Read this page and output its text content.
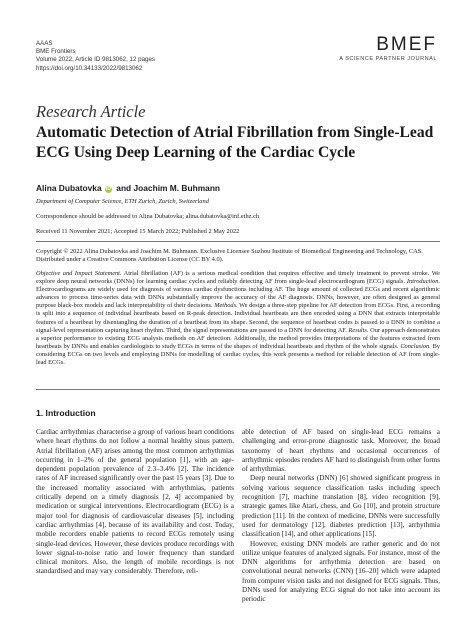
AAAS
BME Frontiers
Volume 2022, Article ID 9813062, 12 pages
https://doi.org/10.34133/2022/9813062
BMEF
A SCIENCE PARTNER JOURNAL
Research Article
Automatic Detection of Atrial Fibrillation from Single-Lead ECG Using Deep Learning of the Cardiac Cycle
Alina Dubatovka iD and Joachim M. Buhmann
Department of Computer Science, ETH Zurich, Zurich, Switzerland
Correspondence should be addressed to Alina Dubatovka; alina.dubatovka@inf.ethz.ch
Received 11 November 2021; Accepted 15 March 2022; Published 2 May 2022
Copyright © 2022 Alina Dubatovka and Joachim M. Buhmann. Exclusive Licensee Suzhou Institute of Biomedical Engineering and Technology, CAS. Distributed under a Creative Commons Attribution License (CC BY 4.0).
Objective and Impact Statement. Atrial fibrillation (AF) is a serious medical condition that requires effective and timely treatment to prevent stroke. We explore deep neural networks (DNNs) for learning cardiac cycles and reliably detecting AF from single-lead electrocardiogram (ECG) signals. Introduction. Electrocardiograms are widely used for diagnosis of various cardiac dysfunctions including AF. The huge amount of collected ECGs and recent algorithmic advances to process time-series data with DNNs substantially improve the accuracy of the AF diagnosis. DNNs, however, are often designed as general purpose black-box models and lack interpretability of their decisions. Methods. We design a three-step pipeline for AF detection from ECGs. First, a recording is split into a sequence of individual heartbeats based on R-peak detection. Individual heartbeats are then encoded using a DNN that extracts interpretable features of a heartbeat by disentangling the duration of a heartbeat from its shape. Second, the sequence of heartbeat codes is passed to a DNN to combine a signal-level representation capturing heart rhythm. Third, the signal representations are passed to a DNN for detecting AF. Results. Our approach demonstrates a superior performance to existing ECG analysis methods on AF detection. Additionally, the method provides interpretations of the features extracted from heartbeats by DNNs and enables cardiologists to study ECGs in terms of the shapes of individual heartbeats and rhythm of the whole signals. Conclusion. By considering ECGs on two levels and employing DNNs for modelling of cardiac cycles, this work presents a method for reliable detection of AF from single-lead ECGs.
1. Introduction

Cardiac arrhythmias characterise a group of various heart conditions where heart rhythms do not follow a normal healthy sinus pattern. Atrial fibrillation (AF) arises among the most common arrhythmias occurring in 1–2% of the general population [1], with an age-dependent population prevalence of 2.3–3.4% [2]. The incidence rates of AF increased significantly over the past 15 years [3]. Due to the increased mortality associated with arrhythmias, patients critically depend on a timely diagnosis [2, 4] accompanied by medication or surgical interventions. Electrocardiogram (ECG) is a major tool for diagnosis of cardiovascular diseases [5], including cardiac arrhythmias [4], because of its availability and cost. Today, mobile recorders enable patients to record ECGs remotely using single-lead devices. However, these devices produce recordings with lower signal-to-noise ratio and lower frequency than standard clinical monitors. Also, the length of mobile recordings is not standardised and may vary considerably. Therefore, reli-

able detection of AF based on single-lead ECG remains a challenging and error-prone diagnostic task. Moreover, the broad taxonomy of heart rhythms and occasional occurrences of arrhythmic episodes renders AF hard to distinguish from other forms of arrhythmias.

Deep neural networks (DNN) [6] showed significant progress in solving various sequence classification tasks including speech recognition [7], machine translation [8], video recognition [9], strategic games like Atari, chess, and Go [10], and protein structure prediction [11]. In the context of medicine, DNNs were successfully used for dermatology [12], diabetes prediction [13], arrhythmia classification [14], and other applications [15].

However, existing DNN models are rather generic and do not utilize unique features of analyzed signals. For instance, most of the DNN algorithms for arrhythmia detection are based on convolutional neural networks (CNN) [16–20] which were adapted from computer vision tasks and not designed for ECG signals. Thus, DNNs used for analyzing ECG signal do not take into account its periodic
